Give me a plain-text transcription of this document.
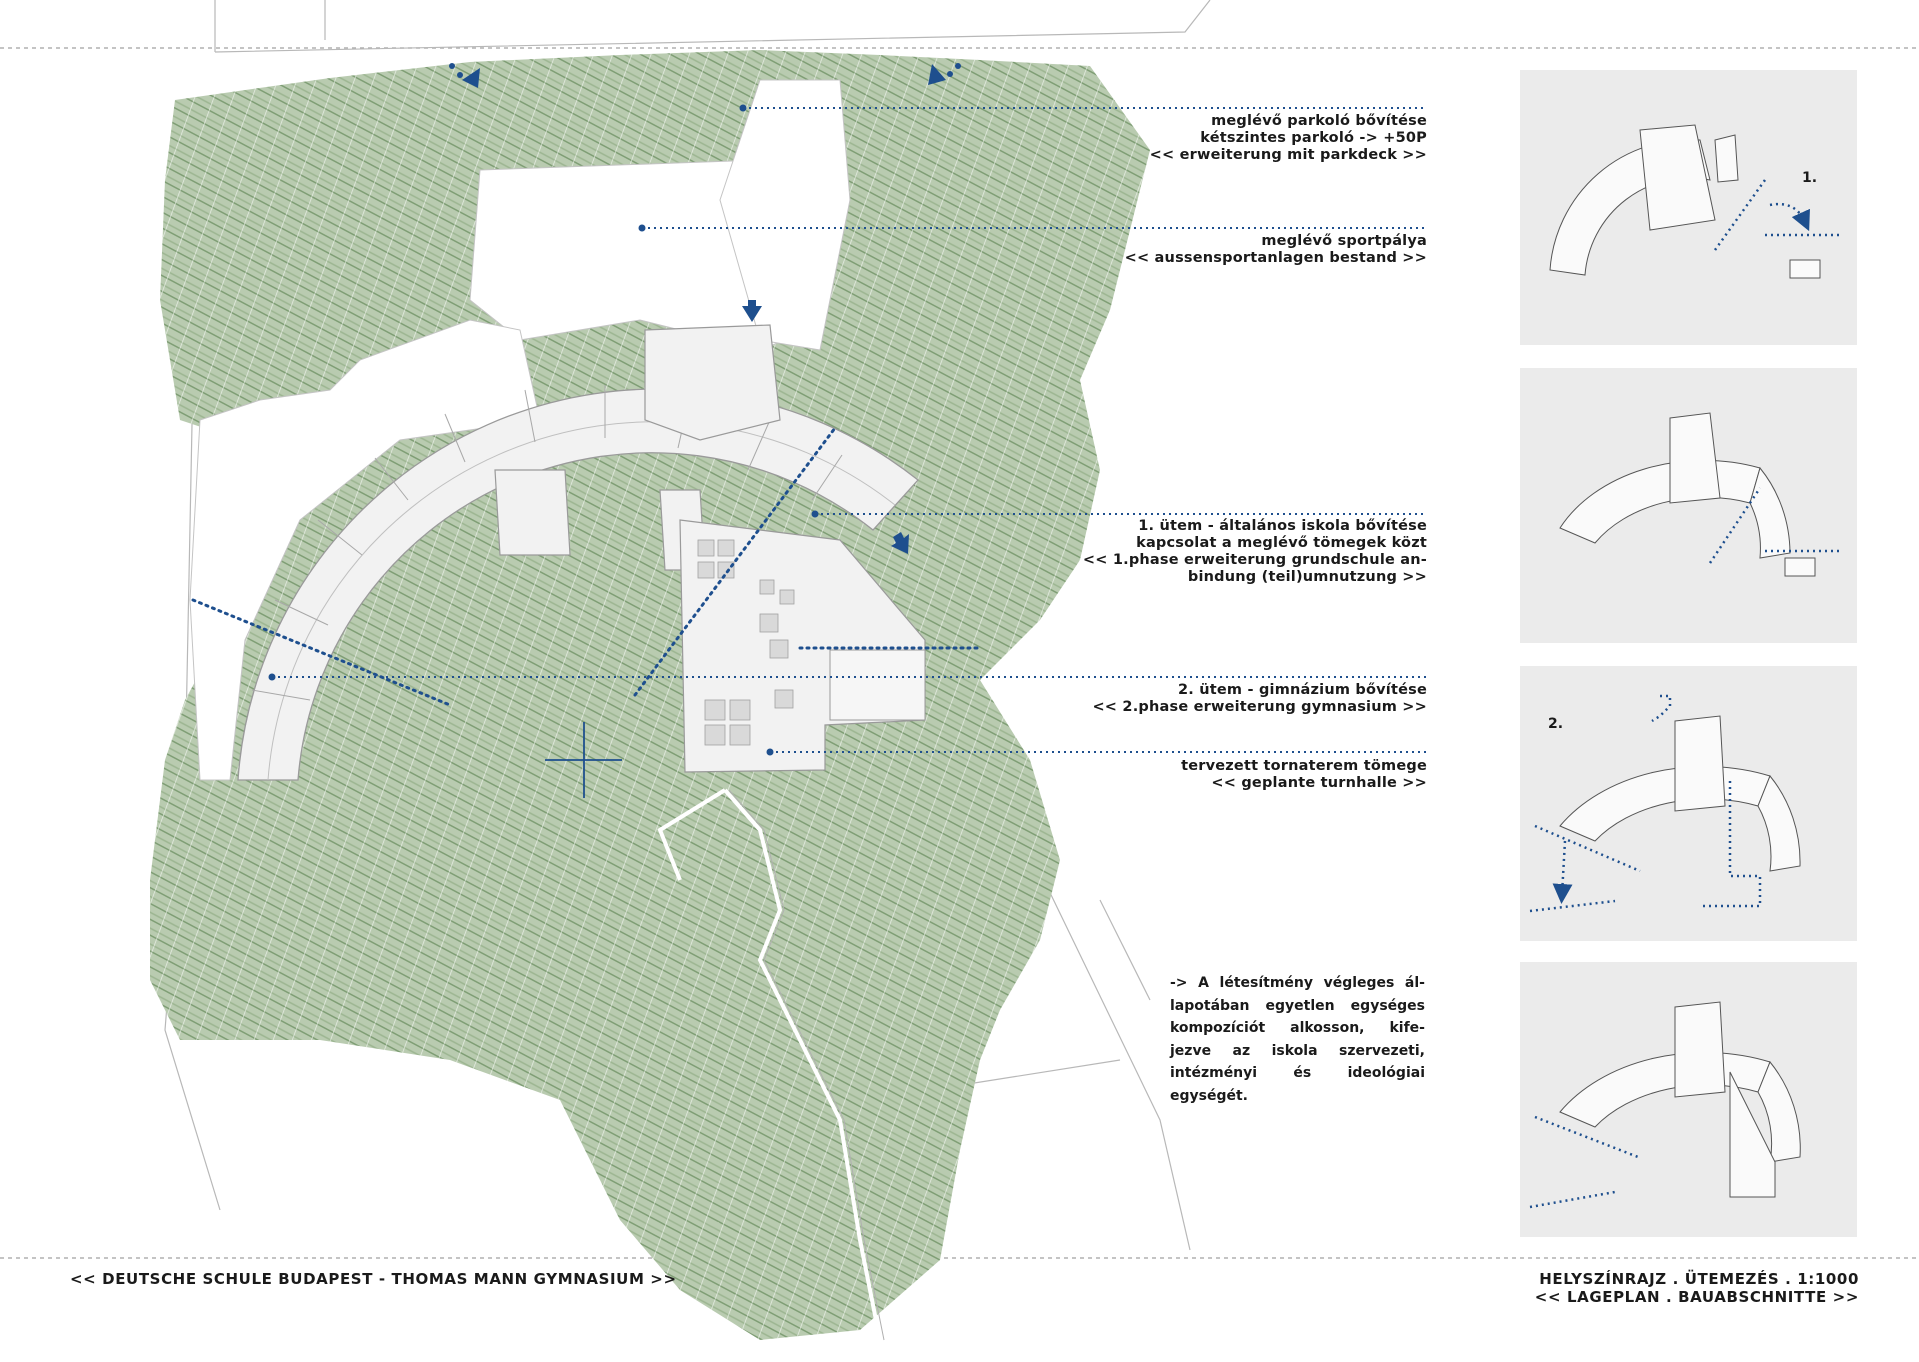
meglévő parkoló bővítése
kétszintes parkoló -> +50P
<< erweiterung mit parkdeck >>
meglévő sportpálya
<< aussensportanlagen bestand >>
1. ütem - általános iskola bővítése
kapcsolat a meglévő tömegek közt
<< 1.phase erweiterung grundschule an-
bindung (teil)umnutzung >>
2. ütem - gimnázium bővítése
<< 2.phase erweiterung gymnasium >>
tervezett tornaterem tömege
<< geplante turnhalle >>
-> A létesítmény végleges ál-
lapotában egyetlen egységes
kompozíciót alkosson, kife-
jezve az iskola szervezeti,
intézményi és ideológiai
egységét.
1.
2.
<< DEUTSCHE SCHULE BUDAPEST - THOMAS MANN GYMNASIUM >>	HELYSZÍNRAJZ . ÜTEMEZÉS . 1:1000
<< LAGEPLAN . BAUABSCHNITTE >>
